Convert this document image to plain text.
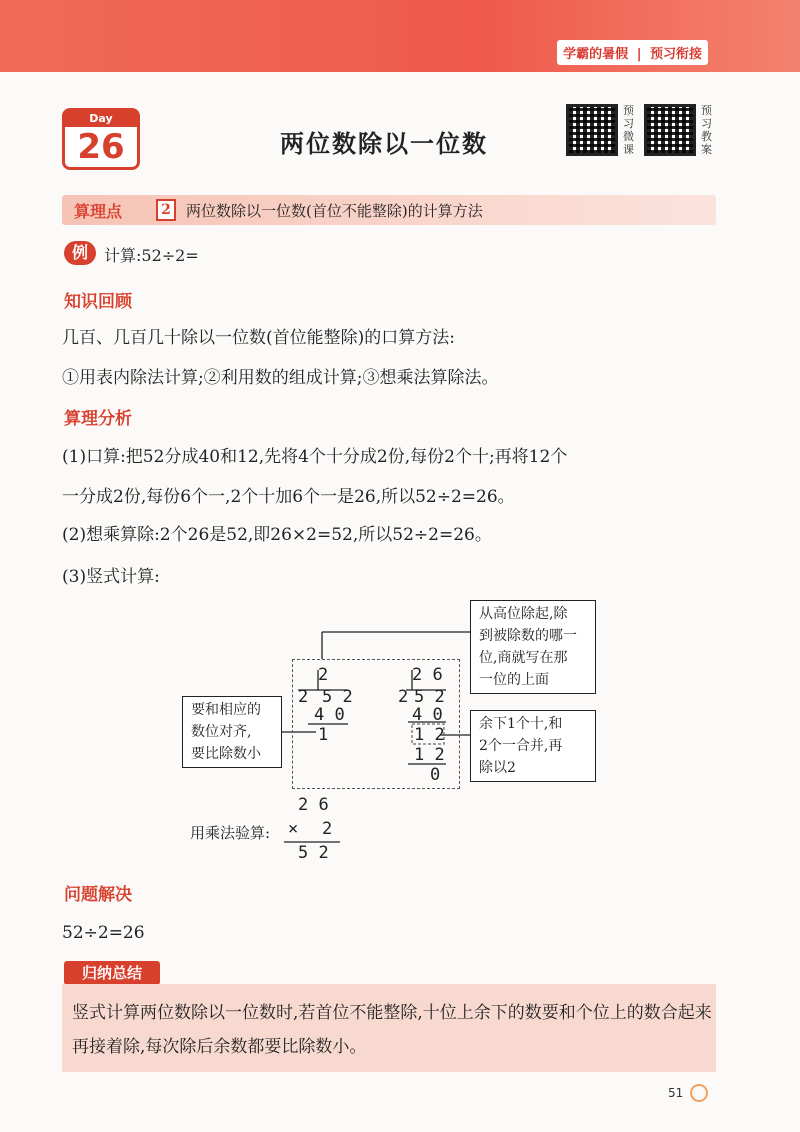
学霸的暑假 | 预习衔接
Day
26	两位数除以一位数
预习微课
预习教案
算理点	2	两位数除以一位数(首位不能整除)的计算方法
例	计算:52÷2=
知识回顾
几百、几百几十除以一位数(首位能整除)的口算方法:
①用表内除法计算;②利用数的组成计算;③想乘法算除法。
算理分析
(1)口算:把52分成40和12,先将4个十分成2份,每份2个十;再将12个
一分成2份,每份6个一,2个十加6个一是26,所以52÷2=26。
(2)想乘算除:2个26是52,即26×2=52,所以52÷2=26。
(3)竖式计算:
要和相应的
数位对齐,
要比除数小
从高位除起,除
到被除数的哪一
位,商就写在那
一位的上面
余下1个十,和
2个一合并,再
除以2
2
2 5 2
4 0
1
2 6
2 5 2
4 0
1 2
1 2
0
2 6
用乘法验算: × 2
5 2
问题解决
52÷2=26
归纳总结
竖式计算两位数除以一位数时,若首位不能整除,十位上余下的数要和个位上的数合起来再接着除,每次除后余数都要比除数小。
51
